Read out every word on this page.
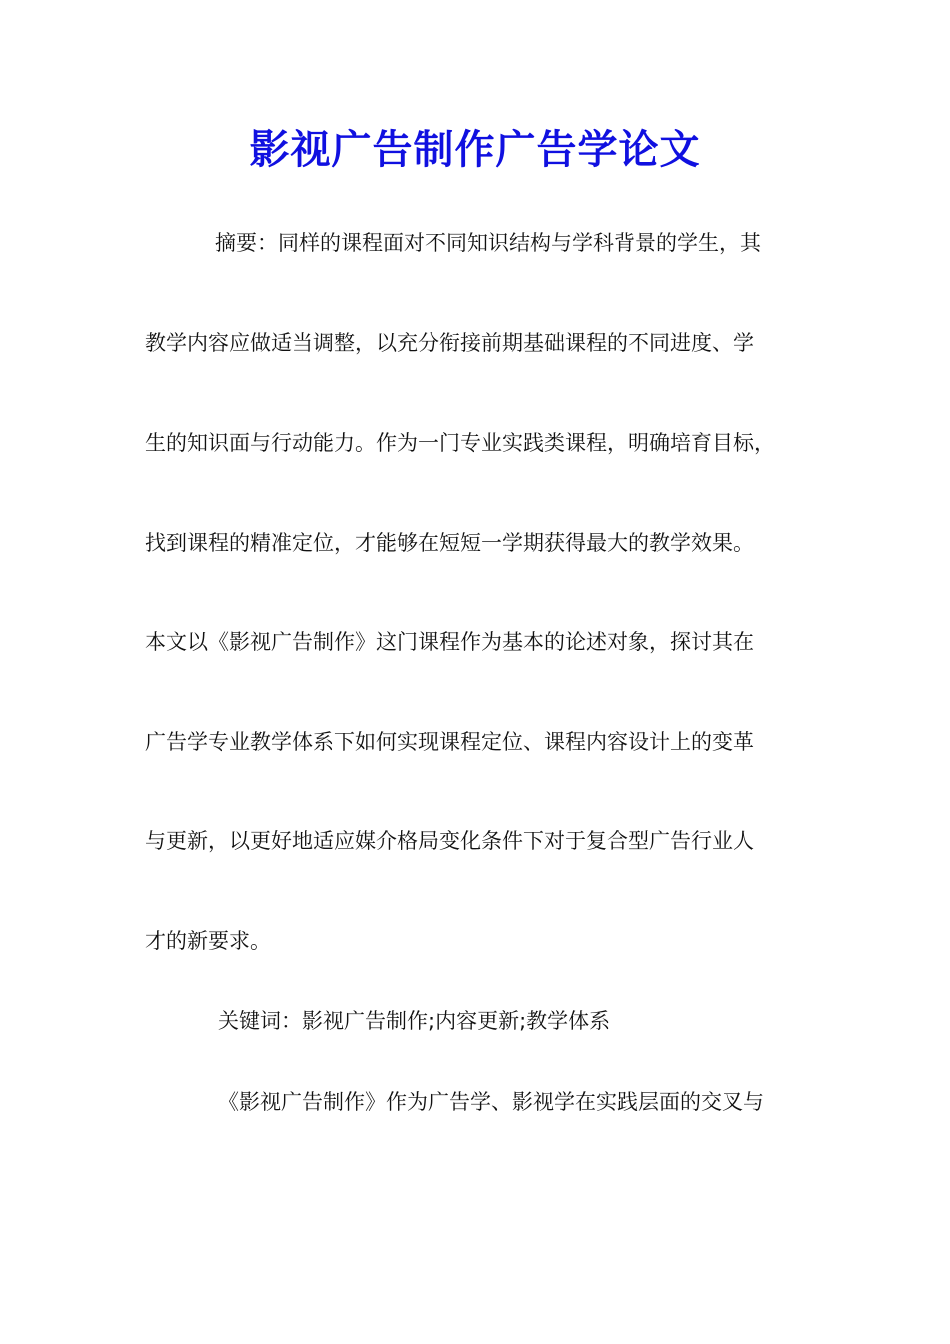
影视广告制作广告学论文

摘要：同样的课程面对不同知识结构与学科背景的学生，其

教学内容应做适当调整，以充分衔接前期基础课程的不同进度、学

生的知识面与行动能力。作为一门专业实践类课程，明确培育目标，

找到课程的精准定位，才能够在短短一学期获得最大的教学效果。

本文以《影视广告制作》这门课程作为基本的论述对象，探讨其在

广告学专业教学体系下如何实现课程定位、课程内容设计上的变革

与更新，以更好地适应媒介格局变化条件下对于复合型广告行业人

才的新要求。

关键词：影视广告制作;内容更新;教学体系

《影视广告制作》作为广告学、影视学在实践层面的交叉与
